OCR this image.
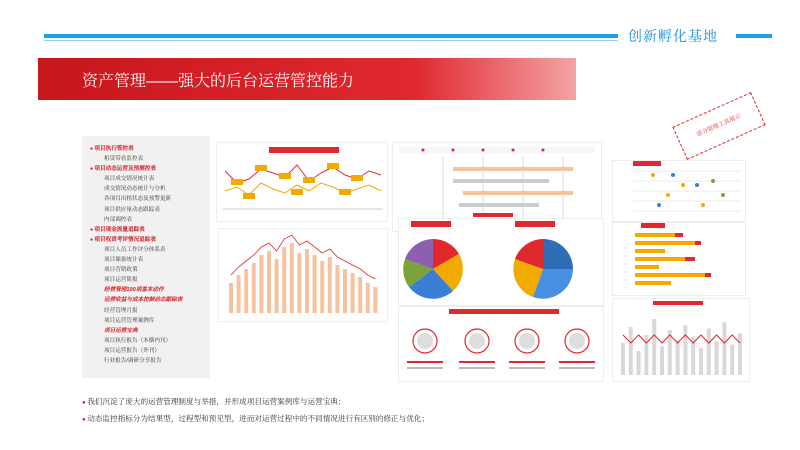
创新孵化基地
资产管理——强大的后台运营管控能力
● 项目执行管控表
租赁带看监控表
● 项目动态运营及预测控表
项目成交情况统计表
成交情况动态统计与分析
各项目出租状态及预警更新
项目供应量动态跟踪表
内部调控表
● 项目现金流量追踪表
● 项目权责考评情况追踪表
项目人员工作评分体系表
项目储备统计表
项目营销政策
项目运营简报
经营管理100项基本动作
运营收益与成本控制动态跟踪表
经营管理月报
项目运营管理案例库
项目运营宝典
项目执行报告（本横内刊）
项目运营报告（外刊）
行业报告/调研分享报告
部分管理工具展示
● 我们沉淀了庞大的运营管理制度与举措，并形成项目运营案例库与运营宝典；
● 动态监控指标分为结果型，过程型和预见型，进而对运营过程中的不同情况进行有区别的修正与优化；
